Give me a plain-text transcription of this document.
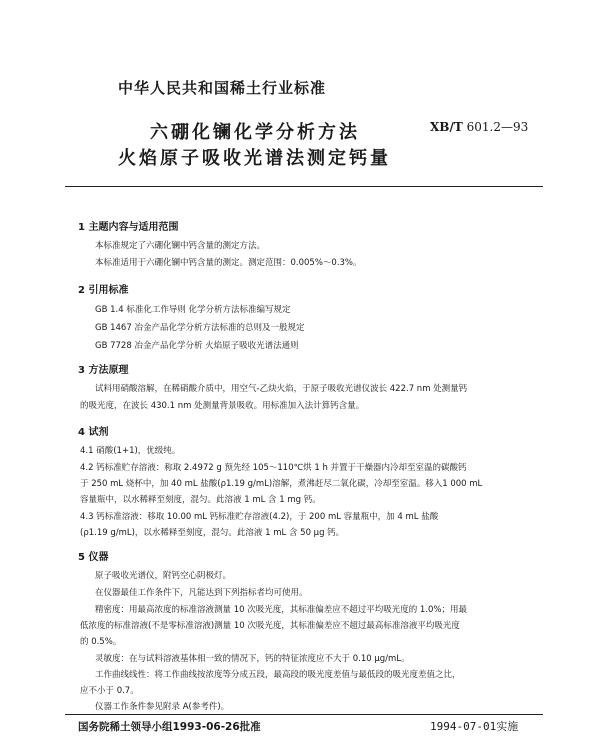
中华人民共和国稀土行业标准
六硼化镧化学分析方法
火焰原子吸收光谱法测定钙量
XB/T 601.2—93
1 主题内容与适用范围
本标准规定了六硼化镧中钙含量的测定方法。
本标准适用于六硼化镧中钙含量的测定。测定范围：0.005%～0.3%。
2 引用标准
GB 1.4 标准化工作导则 化学分析方法标准编写规定
GB 1467 冶金产品化学分析方法标准的总则及一般规定
GB 7728 冶金产品化学分析 火焰原子吸收光谱法通则
3 方法原理
试料用硝酸溶解，在稀硝酸介质中，用空气-乙炔火焰，于原子吸收光谱仪波长 422.7 nm 处测量钙
的吸光度，在波长 430.1 nm 处测量背景吸收。用标准加入法计算钙含量。
4 试剂
4.1 硝酸(1+1)，优级纯。
4.2 钙标准贮存溶液：称取 2.4972 g 预先经 105～110℃烘 1 h 并置于干燥器内冷却至室温的碳酸钙
于 250 mL 烧杯中，加 40 mL 盐酸(ρ1.19 g/mL)溶解，煮沸赶尽二氧化碳，冷却至室温。移入1 000 mL
容量瓶中，以水稀释至刻度，混匀。此溶液 1 mL 含 1 mg 钙。
4.3 钙标准溶液：移取 10.00 mL 钙标准贮存溶液(4.2)，于 200 mL 容量瓶中，加 4 mL 盐酸
(ρ1.19 g/mL)，以水稀释至刻度，混匀。此溶液 1 mL 含 50 μg 钙。
5 仪器
原子吸收光谱仪，附钙空心阴极灯。
在仪器最佳工作条件下，凡能达到下列指标者均可使用。
精密度：用最高浓度的标准溶液测量 10 次吸光度，其标准偏差应不超过平均吸光度的 1.0%；用最
低浓度的标准溶液(不是零标准溶液)测量 10 次吸光度，其标准偏差应不超过最高标准溶液平均吸光度
的 0.5%。
灵敏度：在与试料溶液基体相一致的情况下，钙的特征浓度应不大于 0.10 μg/mL。
工作曲线线性：将工作曲线按浓度等分成五段，最高段的吸光度差值与最低段的吸光度差值之比，
应不小于 0.7。
仪器工作条件参见附录 A(参考件)。
国务院稀土领导小组1993-06-26批准	1994-07-01实施
